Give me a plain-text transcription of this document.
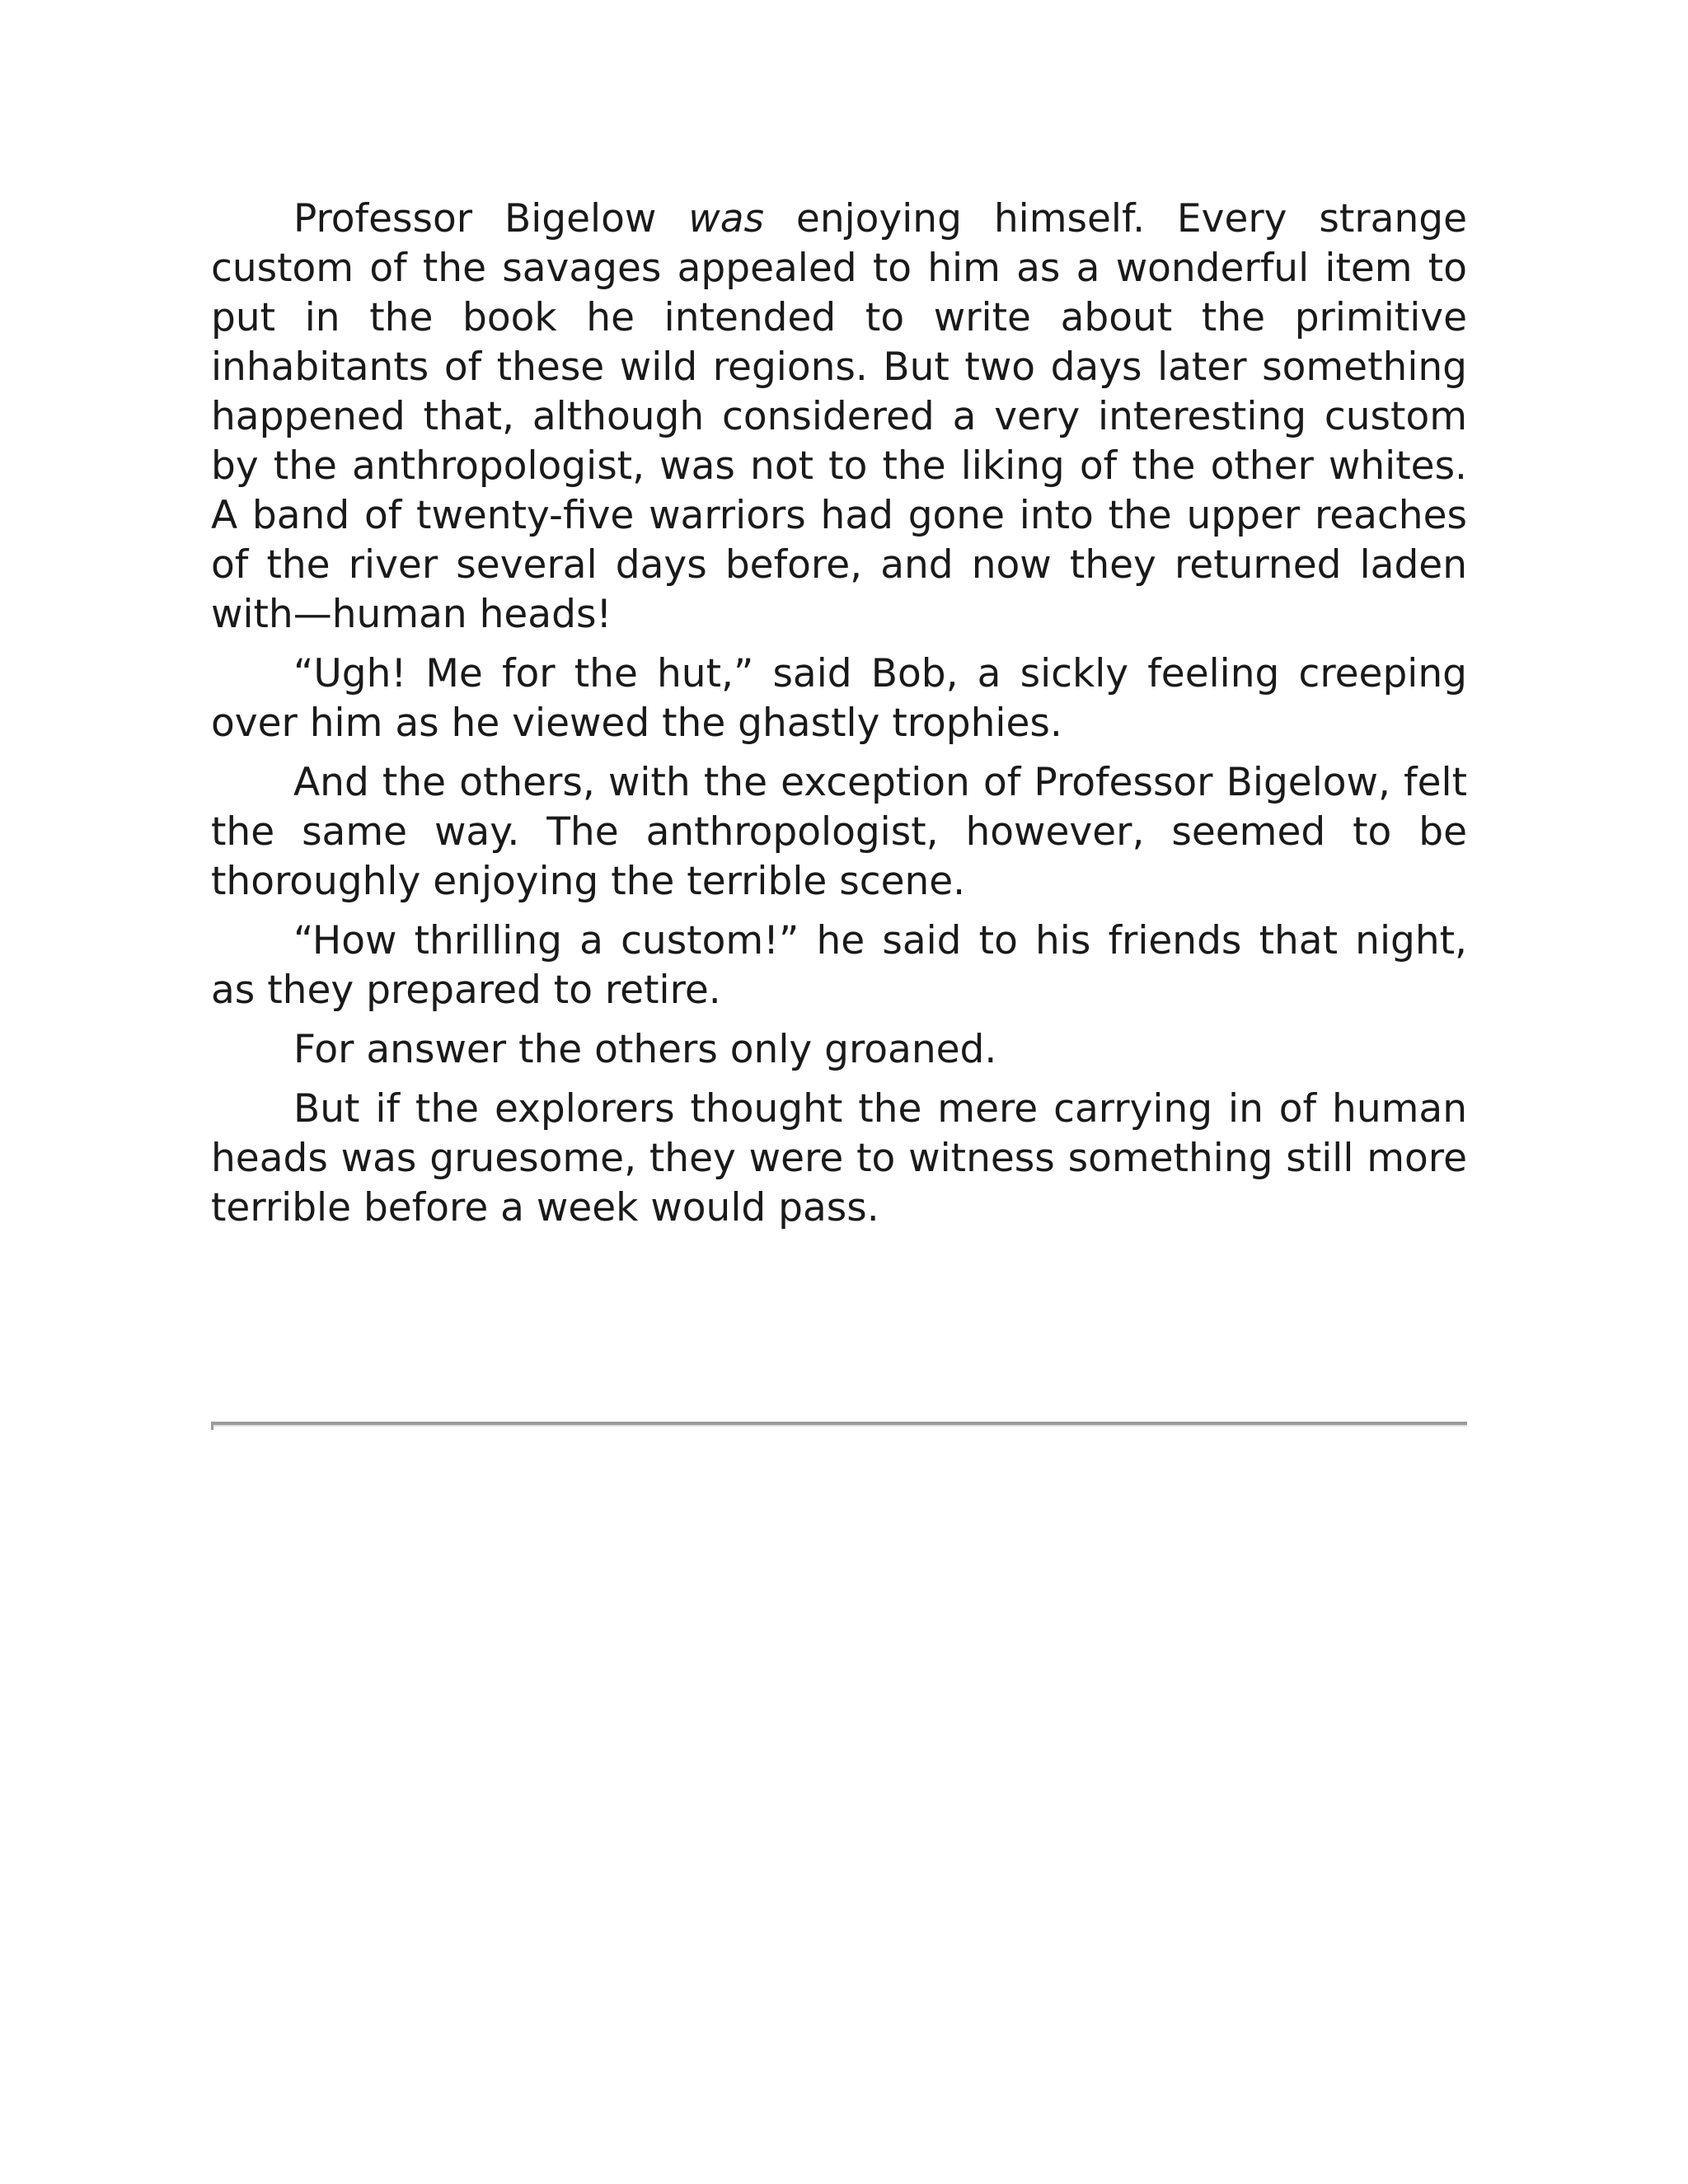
Professor Bigelow was enjoying himself. Every strange custom of the savages appealed to him as a wonderful item to put in the book he intended to write about the primitive inhabitants of these wild regions. But two days later something happened that, although considered a very interesting custom by the anthropologist, was not to the liking of the other whites. A band of twenty-five warriors had gone into the upper reaches of the river several days before, and now they returned laden with—human heads!

“Ugh! Me for the hut,” said Bob, a sickly feeling creeping over him as he viewed the ghastly trophies.

And the others, with the exception of Professor Bigelow, felt the same way. The anthropologist, however, seemed to be thoroughly enjoying the terrible scene.

“How thrilling a custom!” he said to his friends that night, as they prepared to retire.

For answer the others only groaned.

But if the explorers thought the mere carrying in of human heads was gruesome, they were to witness something still more terrible before a week would pass.
